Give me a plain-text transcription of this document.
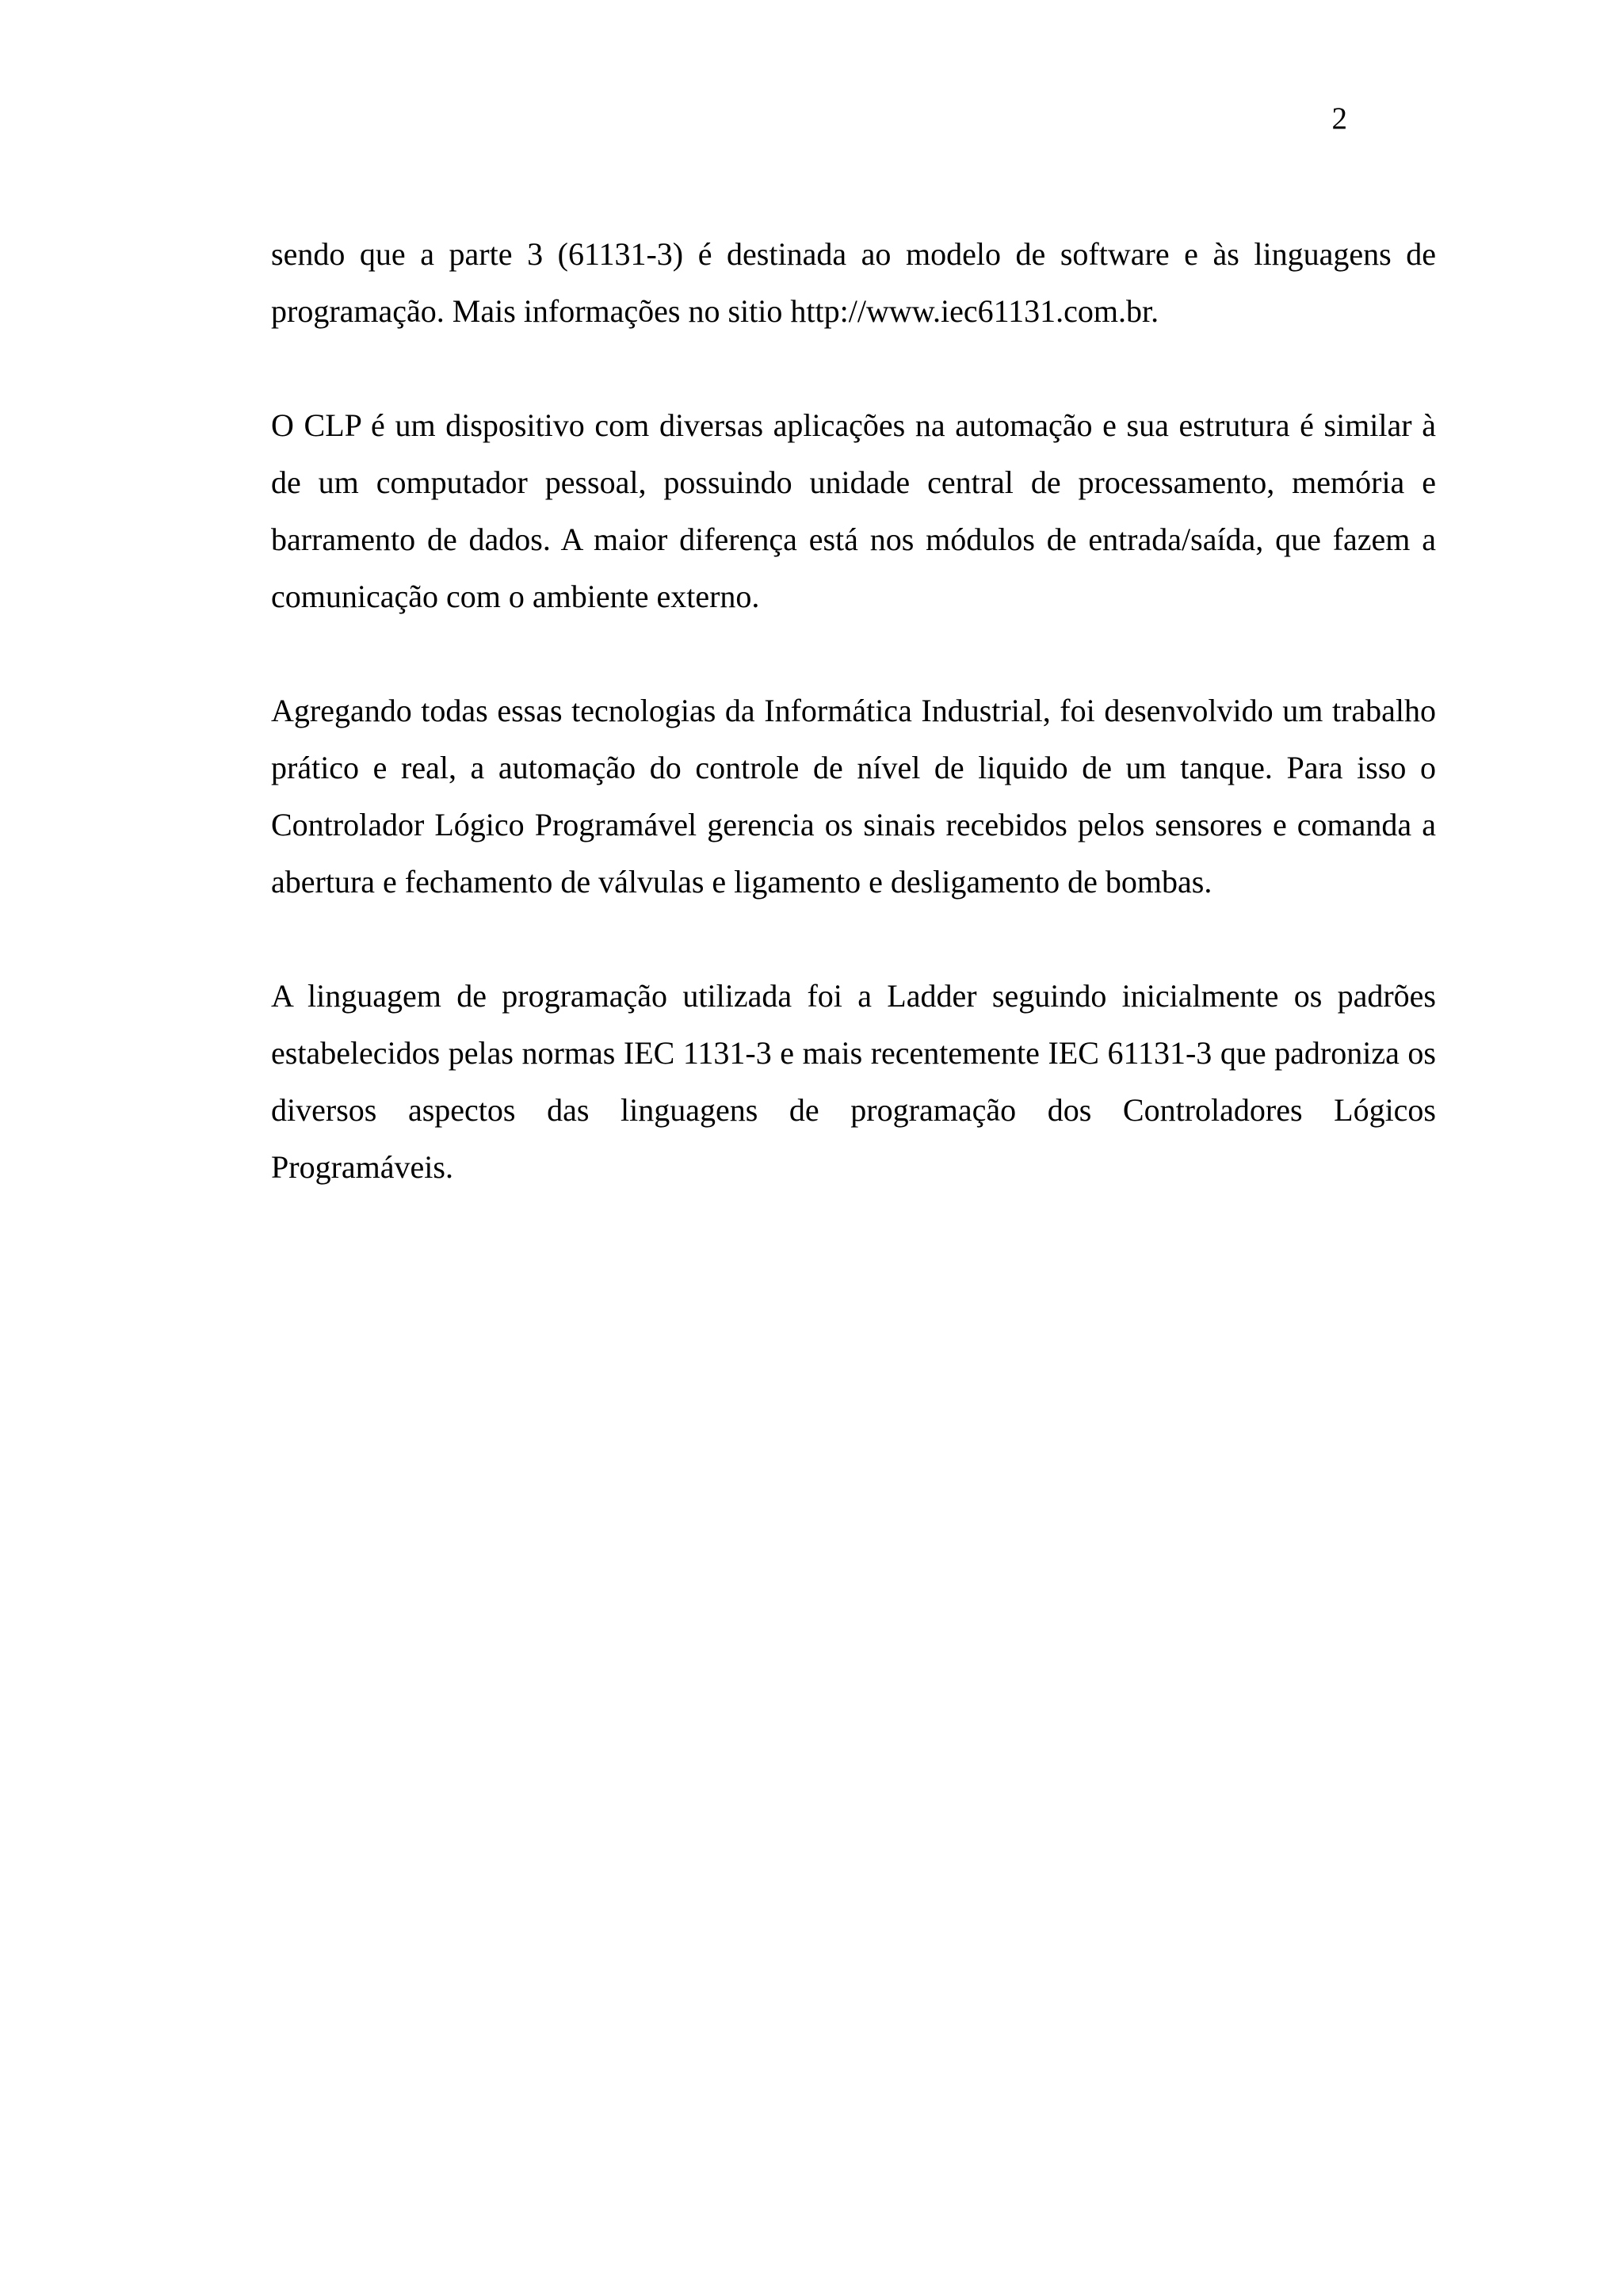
2

sendo que a parte 3 (61131-3) é destinada ao modelo de software e às linguagens de programação. Mais informações no sitio http://www.iec61131.com.br.

O CLP é um dispositivo com diversas aplicações na automação e sua estrutura é similar à de um computador pessoal, possuindo unidade central de processamento, memória e barramento de dados. A maior diferença está nos módulos de entrada/saída, que fazem a comunicação com o ambiente externo.

Agregando todas essas tecnologias da Informática Industrial, foi desenvolvido um trabalho prático e real, a automação do controle de nível de liquido de um tanque. Para isso o Controlador Lógico Programável gerencia os sinais recebidos pelos sensores e comanda a abertura e fechamento de válvulas e ligamento e desligamento de bombas.

A linguagem de programação utilizada foi a Ladder seguindo inicialmente os padrões estabelecidos pelas normas IEC 1131-3 e mais recentemente IEC 61131-3 que padroniza os diversos aspectos das linguagens de programação dos Controladores Lógicos Programáveis.
